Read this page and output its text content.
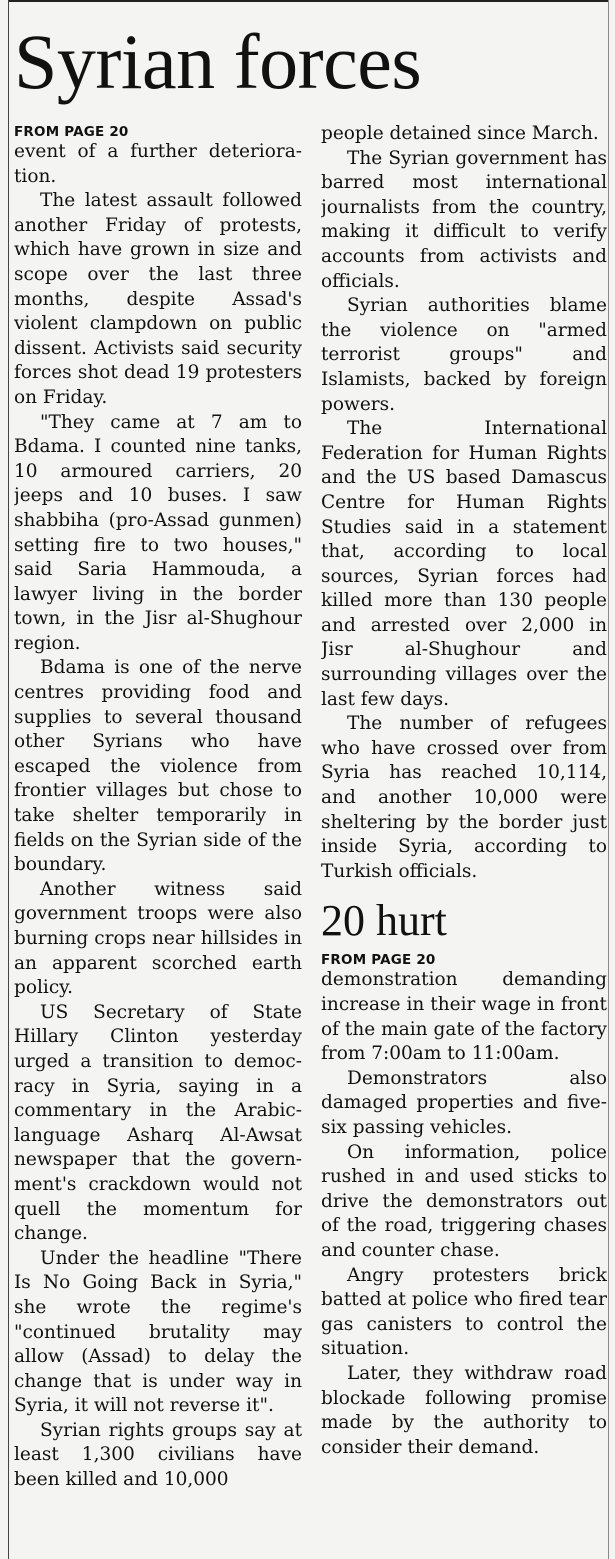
Syrian forces
FROM PAGE 20

event of a further deterioration.

The latest assault followed another Friday of protests, which have grown in size and scope over the last three months, despite Assad's violent clampdown on public dissent. Activists said security forces shot dead 19 protesters on Friday.

"They came at 7 am to Bdama. I counted nine tanks, 10 armoured carriers, 20 jeeps and 10 buses. I saw shabbiha (pro-Assad gunmen) setting fire to two houses," said Saria Hammouda, a lawyer living in the border town, in the Jisr al-Shughour region.

Bdama is one of the nerve centres providing food and supplies to several thousand other Syrians who have escaped the violence from frontier villages but chose to take shelter temporarily in fields on the Syrian side of the boundary.

Another witness said government troops were also burning crops near hillsides in an apparent scorched earth policy.

US Secretary of State Hillary Clinton yesterday urged a transition to democracy in Syria, saying in a commentary in the Arabic-language Asharq Al-Awsat newspaper that the government's crackdown would not quell the momentum for change.

Under the headline "There Is No Going Back in Syria," she wrote the regime's "continued brutality may allow (Assad) to delay the change that is under way in Syria, it will not reverse it".

Syrian rights groups say at least 1,300 civilians have been killed and 10,000

people detained since March.

The Syrian government has barred most international journalists from the country, making it difficult to verify accounts from activists and officials.

Syrian authorities blame the violence on "armed terrorist groups" and Islamists, backed by foreign powers.

The International Federation for Human Rights and the US based Damascus Centre for Human Rights Studies said in a statement that, according to local sources, Syrian forces had killed more than 130 people and arrested over 2,000 in Jisr al-Shughour and surrounding villages over the last few days.

The number of refugees who have crossed over from Syria has reached 10,114, and another 10,000 were sheltering by the border just inside Syria, according to Turkish officials.

20 hurt
FROM PAGE 20

demonstration demanding increase in their wage in front of the main gate of the factory from 7:00am to 11:00am.

Demonstrators also damaged properties and five-six passing vehicles.

On information, police rushed in and used sticks to drive the demonstrators out of the road, triggering chases and counter chase.

Angry protesters brick batted at police who fired tear gas canisters to control the situation.

Later, they withdraw road blockade following promise made by the authority to consider their demand.
